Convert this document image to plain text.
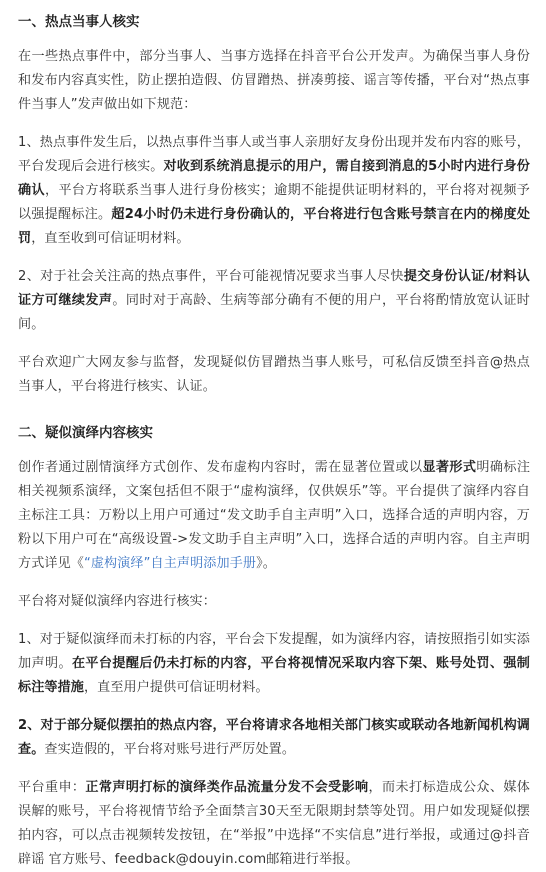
一、热点当事人核实

在一些热点事件中，部分当事人、当事方选择在抖音平台公开发声。为确保当事人身份和发布内容真实性，防止摆拍造假、仿冒蹭热、拼凑剪接、谣言等传播，平台对“热点事件当事人”发声做出如下规范：

1、热点事件发生后，以热点事件当事人或当事人亲朋好友身份出现并发布内容的账号，平台发现后会进行核实。对收到系统消息提示的用户，需自接到消息的5小时内进行身份确认，平台方将联系当事人进行身份核实；逾期不能提供证明材料的，平台将对视频予以强提醒标注。超24小时仍未进行身份确认的，平台将进行包含账号禁言在内的梯度处罚，直至收到可信证明材料。

2、对于社会关注高的热点事件，平台可能视情况要求当事人尽快提交身份认证/材料认证方可继续发声。同时对于高龄、生病等部分确有不便的用户，平台将酌情放宽认证时间。

平台欢迎广大网友参与监督，发现疑似仿冒蹭热当事人账号，可私信反馈至抖音@热点当事人，平台将进行核实、认证。

二、疑似演绎内容核实

创作者通过剧情演绎方式创作、发布虚构内容时，需在显著位置或以显著形式明确标注相关视频系演绎，文案包括但不限于“虚构演绎，仅供娱乐”等。平台提供了演绎内容自主标注工具：万粉以上用户可通过“发文助手自主声明”入口，选择合适的声明内容，万粉以下用户可在“高级设置->发文助手自主声明”入口，选择合适的声明内容。自主声明方式详见《“虚构演绎”自主声明添加手册》。

平台将对疑似演绎内容进行核实：

1、对于疑似演绎而未打标的内容，平台会下发提醒，如为演绎内容，请按照指引如实添加声明。在平台提醒后仍未打标的内容，平台将视情况采取内容下架、账号处罚、强制标注等措施，直至用户提供可信证明材料。

2、对于部分疑似摆拍的热点内容，平台将请求各地相关部门核实或联动各地新闻机构调查。查实造假的，平台将对账号进行严厉处置。

平台重申：正常声明打标的演绎类作品流量分发不会受影响，而未打标造成公众、媒体误解的账号，平台将视情节给予全面禁言30天至无限期封禁等处罚。用户如发现疑似摆拍内容，可以点击视频转发按钮，在“举报”中选择“不实信息”进行举报，或通过@抖音辟谣 官方账号、feedback@douyin.com邮箱进行举报。
